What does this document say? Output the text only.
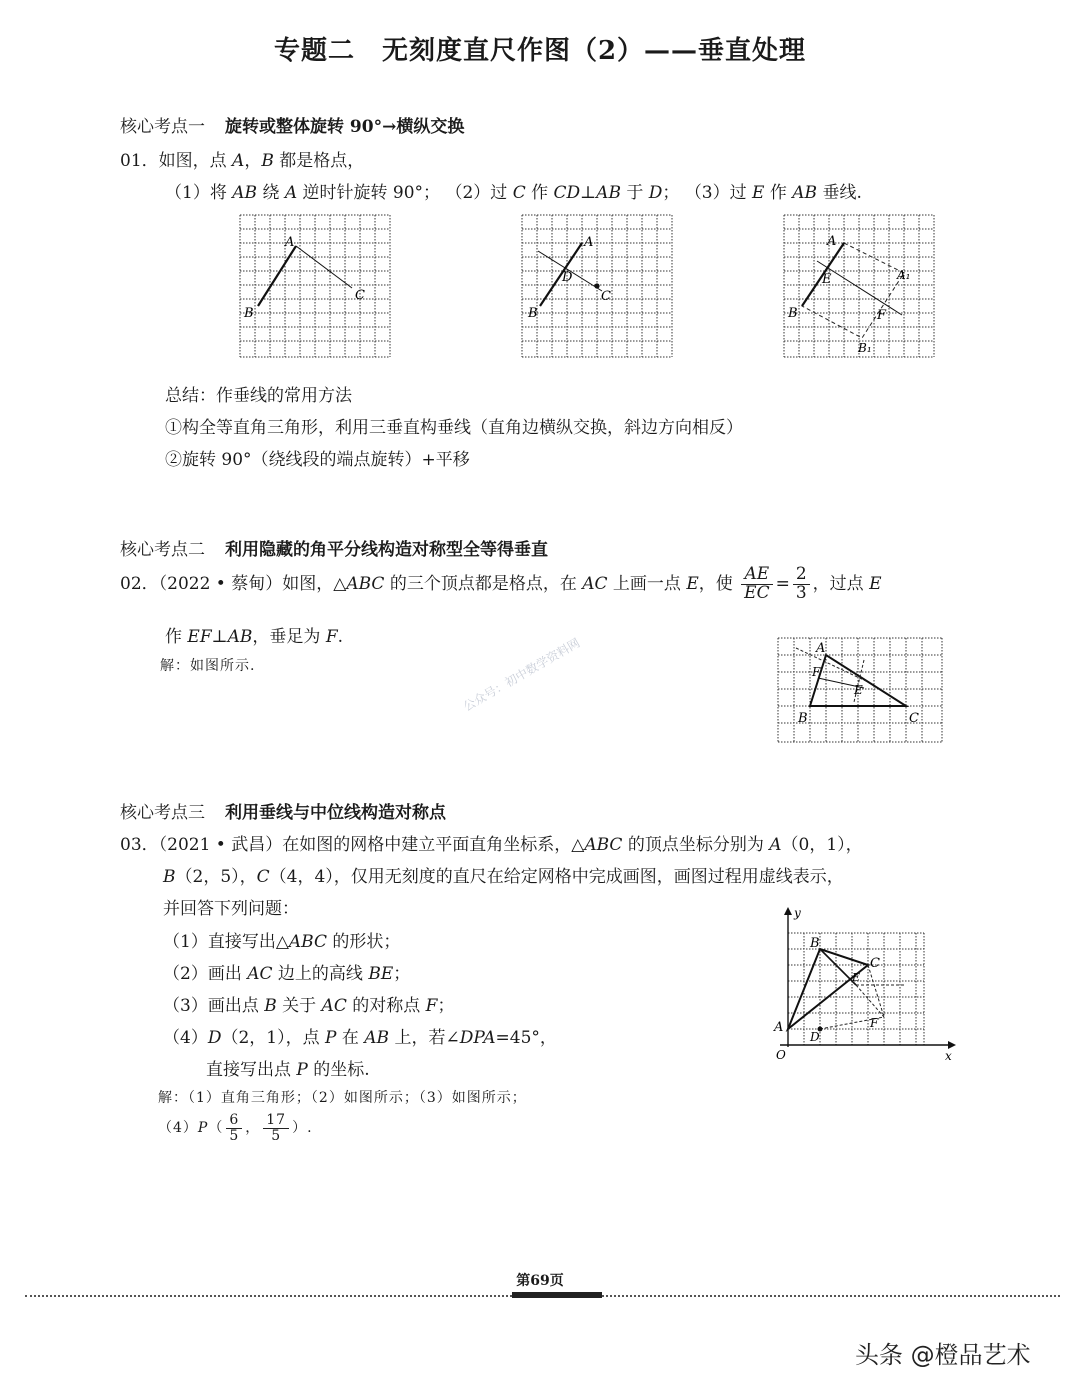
专题二　无刻度直尺作图（2）——垂直处理
核心考点一 旋转或整体旋转 90°→横纵交换
01．如图，点 A，B 都是格点，
（1）将 AB 绕 A 逆时针旋转 90°； （2）过 C 作 CD⊥AB 于 D； （3）过 E 作 AB 垂线.
A
B
C
A
B
C
D
A
B
E
F
A₁
B₁
总结：作垂线的常用方法
①构全等直角三角形，利用三垂直构垂线（直角边横纵交换，斜边方向相反）
②旋转 90°（绕线段的端点旋转）+平移
核心考点二 利用隐藏的角平分线构造对称型全等得垂直
02．（2022 • 蔡甸）如图，△ABC 的三个顶点都是格点，在 AC 上画一点 E，使 $\frac{AE}{EC} = \frac{2}{3}$ ，过点 E
作 EF⊥AB，垂足为 F.
解：如图所示.
A
B	C
E
F
公众号：初中数学资料网
核心考点三 利用垂线与中位线构造对称点
03．（2021 • 武昌）在如图的网格中建立平面直角坐标系，△ABC 的顶点坐标分别为 A（0，1），
B（2，5），C（4，4），仅用无刻度的直尺在给定网格中完成画图，画图过程用虚线表示，
并回答下列问题：
（1）直接写出△ABC 的形状；
（2）画出 AC 边上的高线 BE；
（3）画出点 B 关于 AC 的对称点 F；
（4）D（2，1），点 P 在 AB 上，若∠DPA=45°，
直接写出点 P 的坐标.
解：（1）直角三角形；（2）如图所示；（3）如图所示；
$(4)P( \frac{6}{5}$ ， $\frac{17}{5}$ ）.
y
x
O
A
B
C
D
E
F
第69页
头条 @橙品艺术
